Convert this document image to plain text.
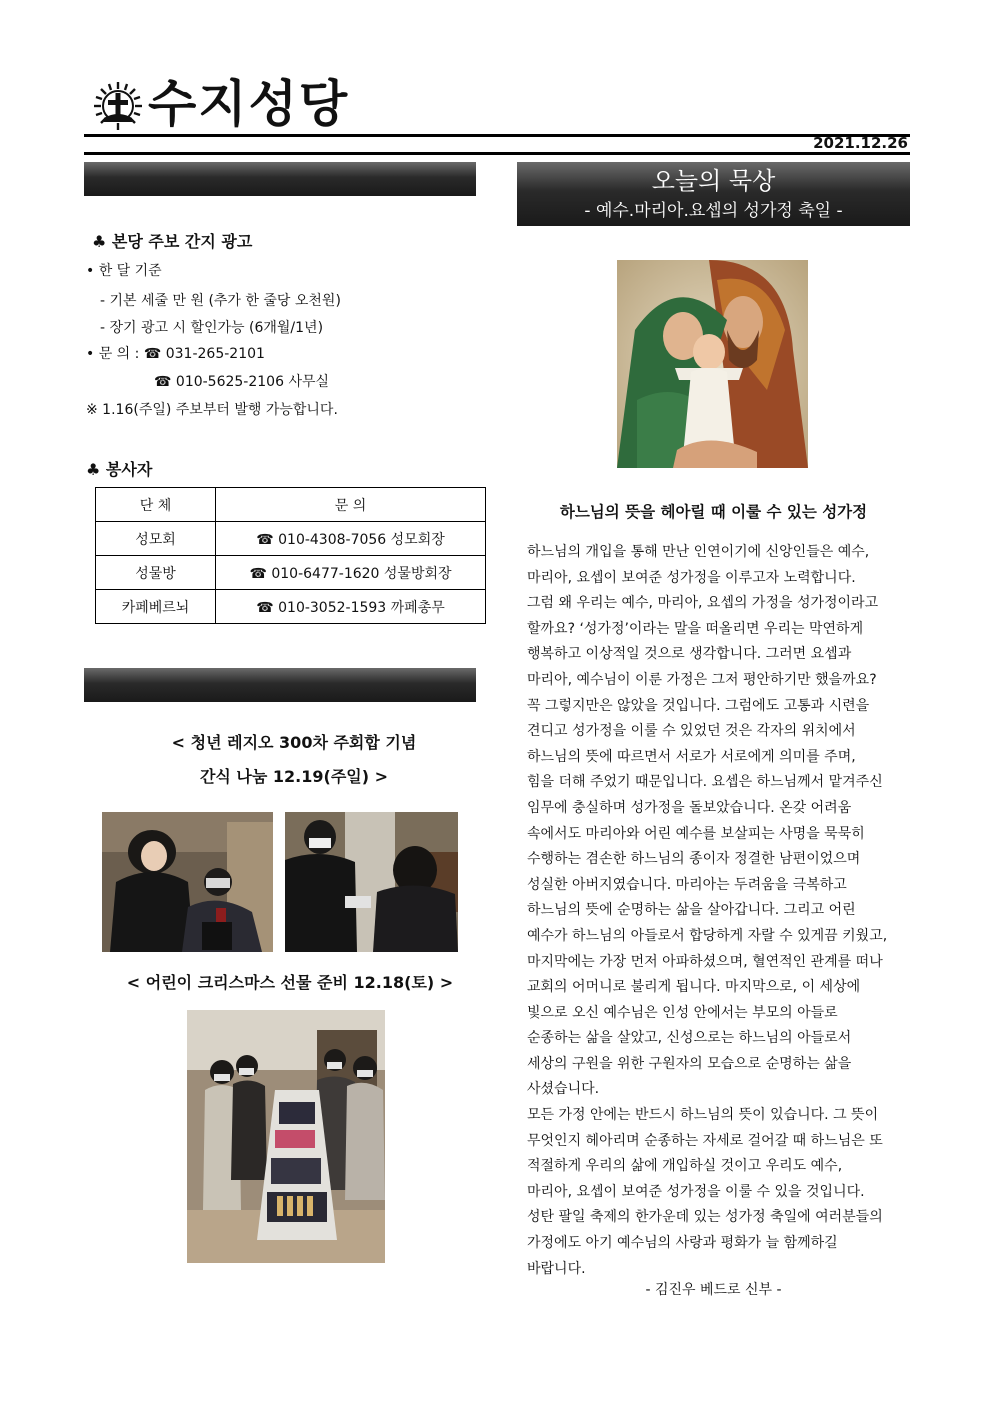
수지성당
2021.12.26

모          집

♣ 본당 주보 간지 광고
• 한 달 기준
- 기본 세줄 만 원 (추가 한 줄당 오천원)
- 장기 광고 시 할인가능 (6개월/1년)
• 문 의 : ☎ 031-265-2101
☎ 010-5625-2106 사무실
※ 1.16(주일) 주보부터 발행 가능합니다.
♣ 봉사자
단 체	문 의
성모회	☎ 010-4308-7056 성모회장
성물방	☎ 010-6477-1620 성물방회장
카페베르뇌	☎ 010-3052-1593 까페총무

행          사

< 청년 레지오 300차 주회합 기념
간식 나눔 12.19(주일) >
< 어린이 크리스마스 선물 준비 12.18(토) >
오늘의 묵상
- 예수.마리아.요셉의 성가정 축일 -
하느님의 뜻을 헤아릴 때 이룰 수 있는 성가정
하느님의 개입을 통해 만난 인연이기에 신앙인들은 예수,
마리아, 요셉이 보여준 성가정을 이루고자 노력합니다.
그럼 왜 우리는 예수, 마리아, 요셉의 가정을 성가정이라고
할까요? ‘성가정’이라는 말을 떠올리면 우리는 막연하게
행복하고 이상적일 것으로 생각합니다. 그러면 요셉과
마리아, 예수님이 이룬 가정은 그저 평안하기만 했을까요?
꼭 그렇지만은 않았을 것입니다. 그럼에도 고통과 시련을
견디고 성가정을 이룰 수 있었던 것은 각자의 위치에서
하느님의 뜻에 따르면서 서로가 서로에게 의미를 주며,
힘을 더해 주었기 때문입니다. 요셉은 하느님께서 맡겨주신
임무에 충실하며 성가정을 돌보았습니다. 온갖 어려움
속에서도 마리아와 어린 예수를 보살피는 사명을 묵묵히
수행하는 겸손한 하느님의 종이자 정결한 남편이었으며
성실한 아버지였습니다. 마리아는 두려움을 극복하고
하느님의 뜻에 순명하는 삶을 살아갑니다. 그리고 어린
예수가 하느님의 아들로서 합당하게 자랄 수 있게끔 키웠고,
마지막에는 가장 먼저 아파하셨으며, 혈연적인 관계를 떠나
교회의 어머니로 불리게 됩니다. 마지막으로, 이 세상에
빛으로 오신 예수님은 인성 안에서는 부모의 아들로
순종하는 삶을 살았고, 신성으로는 하느님의 아들로서
세상의 구원을 위한 구원자의 모습으로 순명하는 삶을
사셨습니다.
모든 가정 안에는 반드시 하느님의 뜻이 있습니다. 그 뜻이
무엇인지 헤아리며 순종하는 자세로 걸어갈 때 하느님은 또
적절하게 우리의 삶에 개입하실 것이고 우리도 예수,
마리아, 요셉이 보여준 성가정을 이룰 수 있을 것입니다.
성탄 팔일 축제의 한가운데 있는 성가정 축일에 여러분들의
가정에도 아기 예수님의 사랑과 평화가 늘 함께하길
바랍니다.
- 김진우 베드로 신부 -
